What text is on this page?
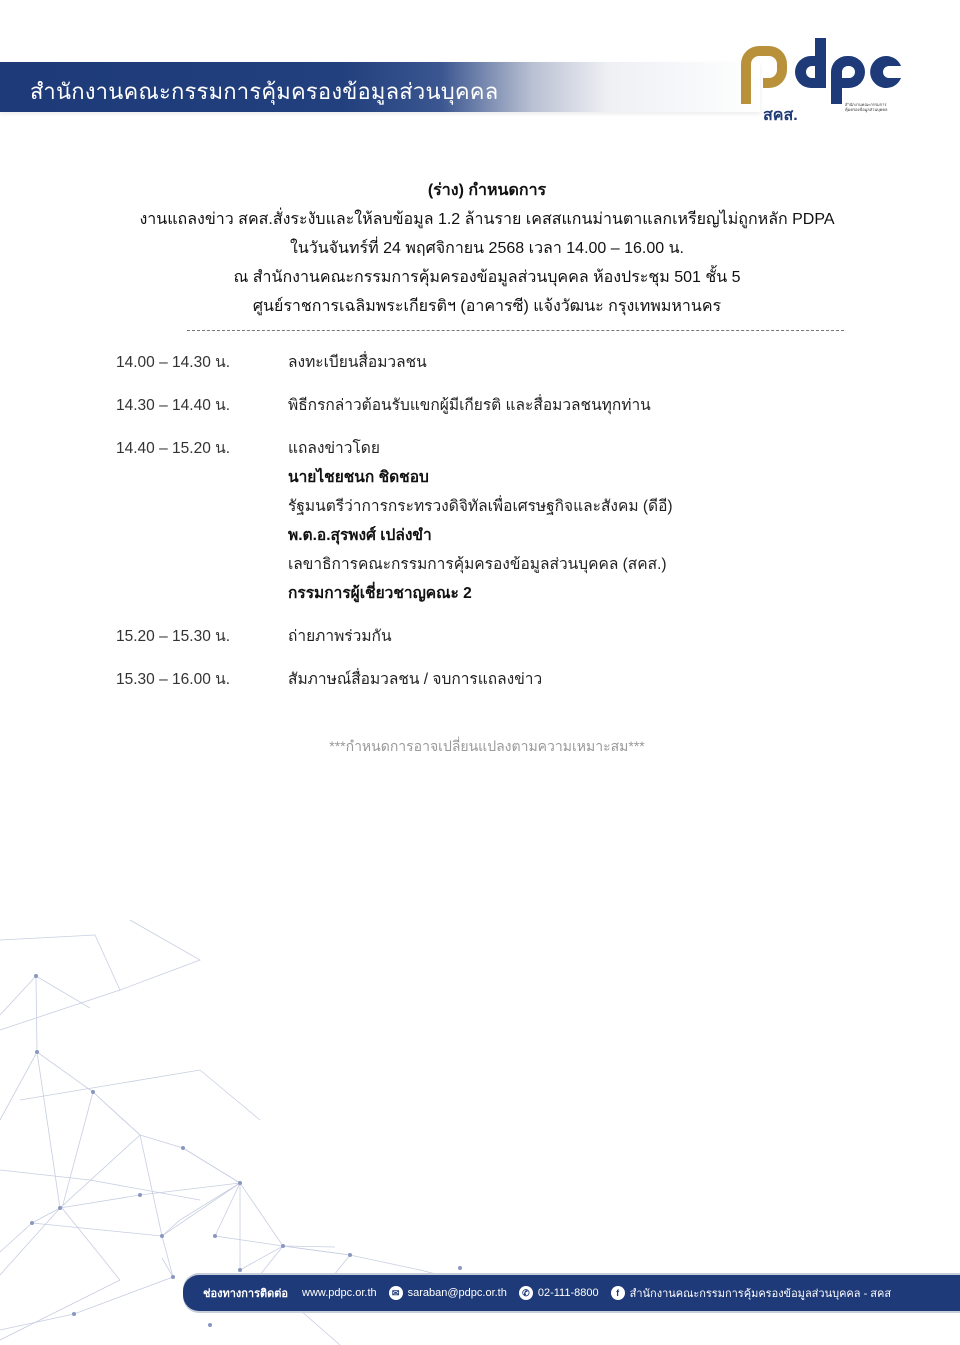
สำนักงานคณะกรรมการคุ้มครองข้อมูลส่วนบุคคล
สคส.
สำนักงานคณะกรรมการ
คุ้มครองข้อมูลส่วนบุคคล
(ร่าง) กำหนดการ
งานแถลงข่าว สคส.สั่งระงับและให้ลบข้อมูล 1.2 ล้านราย เคสสแกนม่านตาแลกเหรียญไม่ถูกหลัก PDPA
ในวันจันทร์ที่ 24 พฤศจิกายน 2568 เวลา 14.00 – 16.00 น.
ณ สำนักงานคณะกรรมการคุ้มครองข้อมูลส่วนบุคคล ห้องประชุม 501 ชั้น 5
ศูนย์ราชการเฉลิมพระเกียรติฯ (อาคารซี) แจ้งวัฒนะ กรุงเทพมหานคร
14.00 – 14.30 น.	ลงทะเบียนสื่อมวลชน
14.30 – 14.40 น.	พิธีกรกล่าวต้อนรับแขกผู้มีเกียรติ และสื่อมวลชนทุกท่าน
14.40 – 15.20 น.	แถลงข่าวโดย
นายไชยชนก ชิดชอบ
รัฐมนตรีว่าการกระทรวงดิจิทัลเพื่อเศรษฐกิจและสังคม (ดีอี)
พ.ต.อ.สุรพงศ์ เปล่งขำ
เลขาธิการคณะกรรมการคุ้มครองข้อมูลส่วนบุคคล (สคส.)
กรรมการผู้เชี่ยวชาญคณะ 2
15.20 – 15.30 น.	ถ่ายภาพร่วมกัน
15.30 – 16.00 น.	สัมภาษณ์สื่อมวลชน / จบการแถลงข่าว
***กำหนดการอาจเปลี่ยนแปลงตามความเหมาะสม***
ช่องทางการติดต่อ www.pdpc.or.th	✉ saraban@pdpc.or.th	✆ 02-111-8800	f สำนักงานคณะกรรมการคุ้มครองข้อมูลส่วนบุคคล - สคส
